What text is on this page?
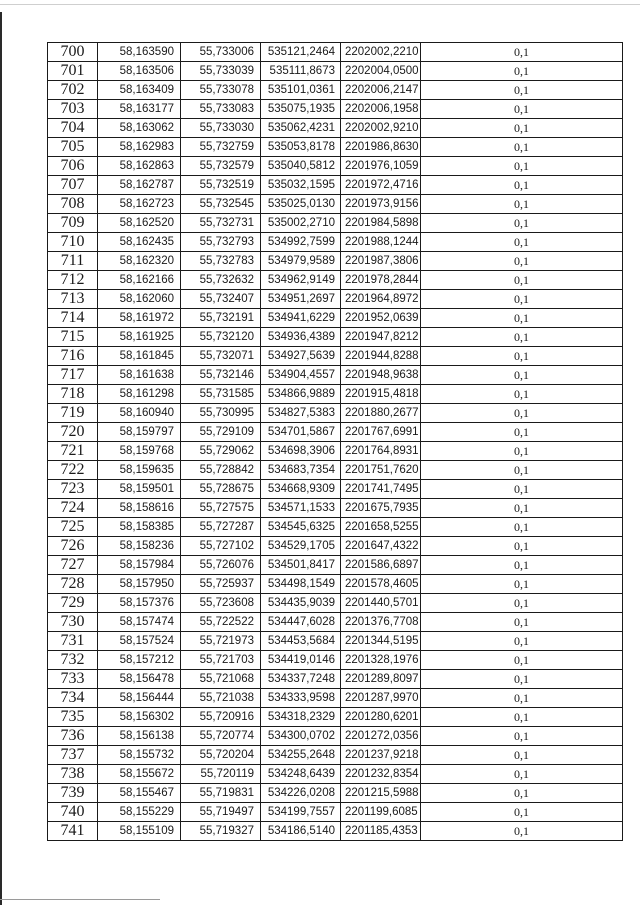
700	58,163590	55,733006	535121,2464	2202002,2210	0,1
701	58,163506	55,733039	535111,8673	2202004,0500	0,1
702	58,163409	55,733078	535101,0361	2202006,2147	0,1
703	58,163177	55,733083	535075,1935	2202006,1958	0,1
704	58,163062	55,733030	535062,4231	2202002,9210	0,1
705	58,162983	55,732759	535053,8178	2201986,8630	0,1
706	58,162863	55,732579	535040,5812	2201976,1059	0,1
707	58,162787	55,732519	535032,1595	2201972,4716	0,1
708	58,162723	55,732545	535025,0130	2201973,9156	0,1
709	58,162520	55,732731	535002,2710	2201984,5898	0,1
710	58,162435	55,732793	534992,7599	2201988,1244	0,1
711	58,162320	55,732783	534979,9589	2201987,3806	0,1
712	58,162166	55,732632	534962,9149	2201978,2844	0,1
713	58,162060	55,732407	534951,2697	2201964,8972	0,1
714	58,161972	55,732191	534941,6229	2201952,0639	0,1
715	58,161925	55,732120	534936,4389	2201947,8212	0,1
716	58,161845	55,732071	534927,5639	2201944,8288	0,1
717	58,161638	55,732146	534904,4557	2201948,9638	0,1
718	58,161298	55,731585	534866,9889	2201915,4818	0,1
719	58,160940	55,730995	534827,5383	2201880,2677	0,1
720	58,159797	55,729109	534701,5867	2201767,6991	0,1
721	58,159768	55,729062	534698,3906	2201764,8931	0,1
722	58,159635	55,728842	534683,7354	2201751,7620	0,1
723	58,159501	55,728675	534668,9309	2201741,7495	0,1
724	58,158616	55,727575	534571,1533	2201675,7935	0,1
725	58,158385	55,727287	534545,6325	2201658,5255	0,1
726	58,158236	55,727102	534529,1705	2201647,4322	0,1
727	58,157984	55,726076	534501,8417	2201586,6897	0,1
728	58,157950	55,725937	534498,1549	2201578,4605	0,1
729	58,157376	55,723608	534435,9039	2201440,5701	0,1
730	58,157474	55,722522	534447,6028	2201376,7708	0,1
731	58,157524	55,721973	534453,5684	2201344,5195	0,1
732	58,157212	55,721703	534419,0146	2201328,1976	0,1
733	58,156478	55,721068	534337,7248	2201289,8097	0,1
734	58,156444	55,721038	534333,9598	2201287,9970	0,1
735	58,156302	55,720916	534318,2329	2201280,6201	0,1
736	58,156138	55,720774	534300,0702	2201272,0356	0,1
737	58,155732	55,720204	534255,2648	2201237,9218	0,1
738	58,155672	55,720119	534248,6439	2201232,8354	0,1
739	58,155467	55,719831	534226,0208	2201215,5988	0,1
740	58,155229	55,719497	534199,7557	2201199,6085	0,1
741	58,155109	55,719327	534186,5140	2201185,4353	0,1
